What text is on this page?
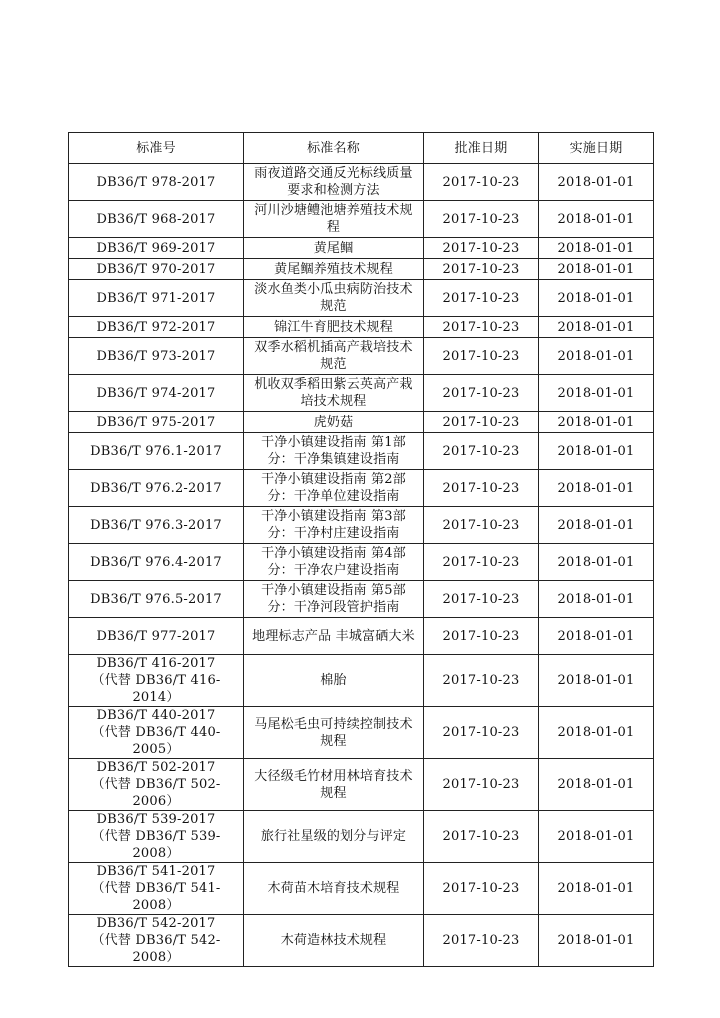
标准号	标准名称	批准日期	实施日期
DB36/T 978-2017	雨夜道路交通反光标线质量要求和检测方法	2017-10-23	2018-01-01
DB36/T 968-2017	河川沙塘鳢池塘养殖技术规程	2017-10-23	2018-01-01
DB36/T 969-2017	黄尾鲴	2017-10-23	2018-01-01
DB36/T 970-2017	黄尾鲴养殖技术规程	2017-10-23	2018-01-01
DB36/T 971-2017	淡水鱼类小瓜虫病防治技术规范	2017-10-23	2018-01-01
DB36/T 972-2017	锦江牛育肥技术规程	2017-10-23	2018-01-01
DB36/T 973-2017	双季水稻机插高产栽培技术规范	2017-10-23	2018-01-01
DB36/T 974-2017	机收双季稻田紫云英高产栽培技术规程	2017-10-23	2018-01-01
DB36/T 975-2017	虎奶菇	2017-10-23	2018-01-01
DB36/T 976.1-2017	干净小镇建设指南 第1部分：干净集镇建设指南	2017-10-23	2018-01-01
DB36/T 976.2-2017	干净小镇建设指南 第2部分：干净单位建设指南	2017-10-23	2018-01-01
DB36/T 976.3-2017	干净小镇建设指南 第3部分：干净村庄建设指南	2017-10-23	2018-01-01
DB36/T 976.4-2017	干净小镇建设指南 第4部分：干净农户建设指南	2017-10-23	2018-01-01
DB36/T 976.5-2017	干净小镇建设指南 第5部分：干净河段管护指南	2017-10-23	2018-01-01
DB36/T 977-2017	地理标志产品 丰城富硒大米	2017-10-23	2018-01-01
DB36/T 416-2017
（代替 DB36/T 416-2014）	棉胎	2017-10-23	2018-01-01
DB36/T 440-2017
（代替 DB36/T 440-2005）	马尾松毛虫可持续控制技术规程	2017-10-23	2018-01-01
DB36/T 502-2017
（代替 DB36/T 502-2006）	大径级毛竹材用林培育技术规程	2017-10-23	2018-01-01
DB36/T 539-2017
（代替 DB36/T 539-2008）	旅行社星级的划分与评定	2017-10-23	2018-01-01
DB36/T 541-2017
（代替 DB36/T 541-2008）	木荷苗木培育技术规程	2017-10-23	2018-01-01
DB36/T 542-2017
（代替 DB36/T 542-2008）	木荷造林技术规程	2017-10-23	2018-01-01
